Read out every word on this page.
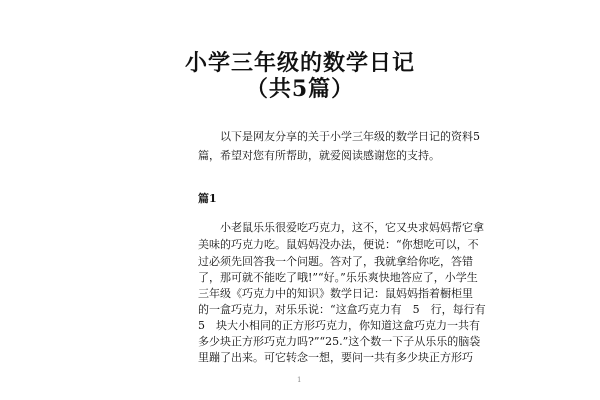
小学三年级的数学日记
（共5篇）
　　以下是网友分享的关于小学三年级的数学日记的资料5
篇，希望对您有所帮助，就爱阅读感谢您的支持。
篇1
　　小老鼠乐乐很爱吃巧克力，这不，它又央求妈妈帮它拿
美味的巧克力吃。鼠妈妈没办法，便说：“你想吃可以，不
过必须先回答我一个问题。答对了，我就拿给你吃，答错
了，那可就不能吃了哦!”“好。”乐乐爽快地答应了，小学生
三年级《巧克力中的知识》数学日记：鼠妈妈指着橱柜里
的一盒巧克力，对乐乐说：“这盒巧克力有　5　行，每行有
5　块大小相同的正方形巧克力，你知道这盒巧克力一共有
多少块正方形巧克力吗?”“25.”这个数一下子从乐乐的脑袋
里蹦了出来。可它转念一想，要问一共有多少块正方形巧
1
